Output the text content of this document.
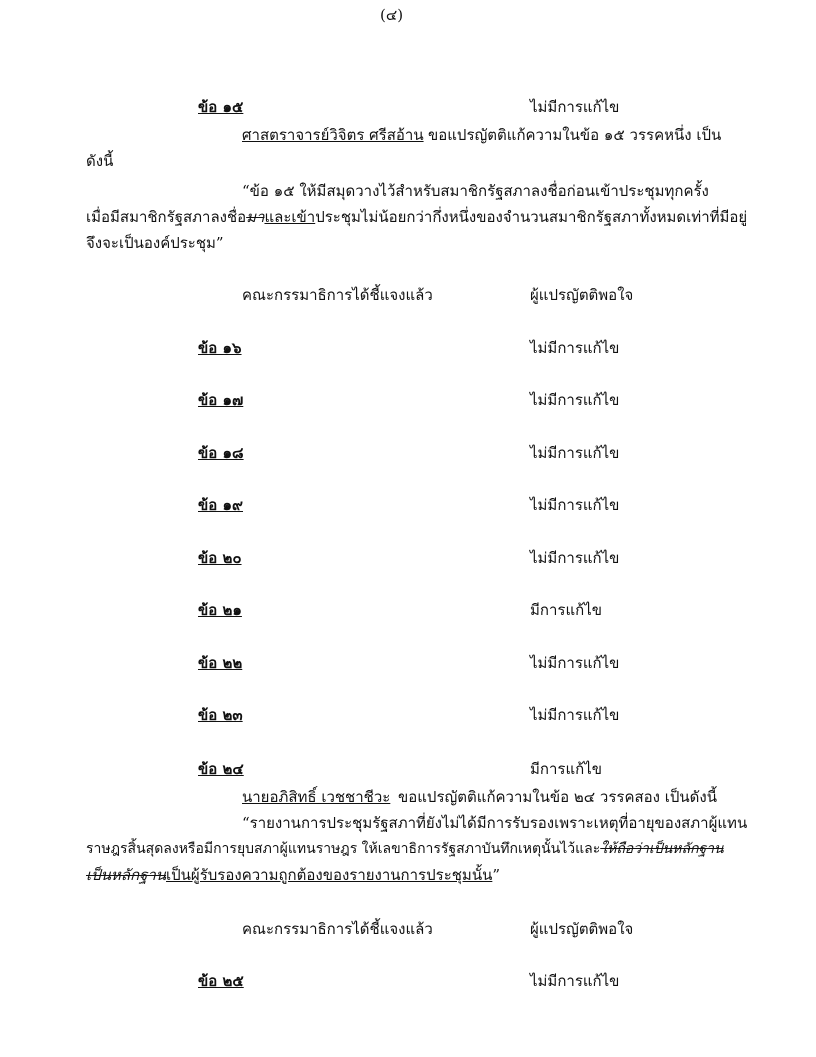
(๔)
ข้อ ๑๕	ไม่มีการแก้ไข
ศาสตราจารย์วิจิตร ศรีสอ้าน ขอแปรญัตติแก้ความในข้อ ๑๕ วรรคหนึ่ง เป็น
ดังนี้
“ข้อ ๑๕ ให้มีสมุดวางไว้สำหรับสมาชิกรัฐสภาลงชื่อก่อนเข้าประชุมทุกครั้ง
เมื่อมีสมาชิกรัฐสภาลงชื่อมาและเข้าประชุมไม่น้อยกว่ากึ่งหนึ่งของจำนวนสมาชิกรัฐสภาทั้งหมดเท่าที่มีอยู่
จึงจะเป็นองค์ประชุม”
คณะกรรมาธิการได้ชี้แจงแล้ว	ผู้แปรญัตติพอใจ
ข้อ ๑๖	ไม่มีการแก้ไข
ข้อ ๑๗	ไม่มีการแก้ไข
ข้อ ๑๘	ไม่มีการแก้ไข
ข้อ ๑๙	ไม่มีการแก้ไข
ข้อ ๒๐	ไม่มีการแก้ไข
ข้อ ๒๑	มีการแก้ไข
ข้อ ๒๒	ไม่มีการแก้ไข
ข้อ ๒๓	ไม่มีการแก้ไข
ข้อ ๒๔	มีการแก้ไข
นายอภิสิทธิ์ เวชชาชีวะ ขอแปรญัตติแก้ความในข้อ ๒๔ วรรคสอง เป็นดังนี้
“รายงานการประชุมรัฐสภาที่ยังไม่ได้มีการรับรองเพราะเหตุที่อายุของสภาผู้แทน
ราษฎรสิ้นสุดลงหรือมีการยุบสภาผู้แทนราษฎร ให้เลขาธิการรัฐสภาบันทึกเหตุนั้นไว้และให้ถือว่าเป็นหลักฐาน
เป็นหลักฐานเป็นผู้รับรองความถูกต้องของรายงานการประชุมนั้น”
คณะกรรมาธิการได้ชี้แจงแล้ว	ผู้แปรญัตติพอใจ
ข้อ ๒๕	ไม่มีการแก้ไข
